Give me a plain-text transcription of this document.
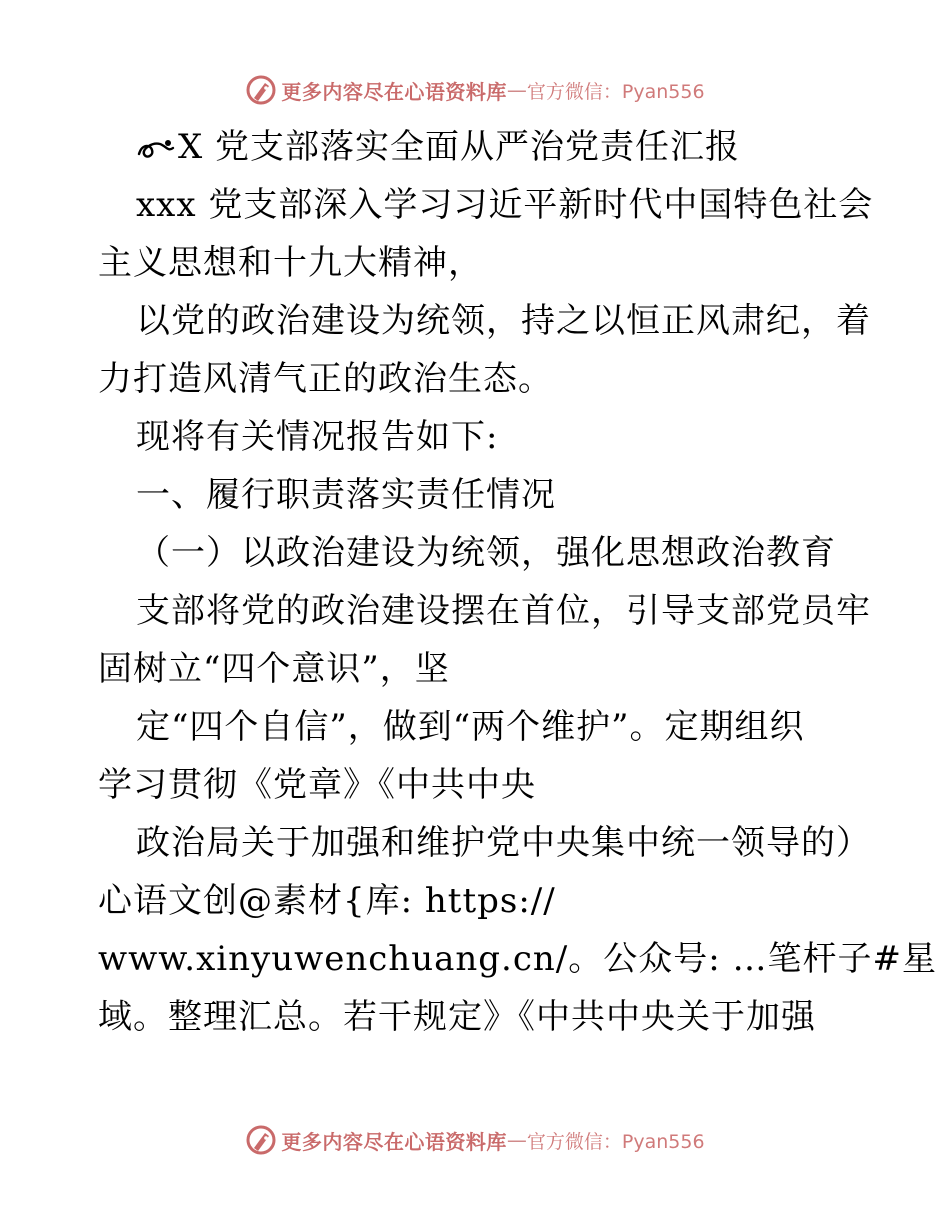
更多内容尽在心语资料库 — 官方微信：Pyan556
X 党支部落实全面从严治党责任汇报

xxx 党支部深入学习习近平新时代中国特色社会

主义思想和十九大精神，

以党的政治建设为统领，持之以恒正风肃纪，着

力打造风清气正的政治生态。

现将有关情况报告如下:

一、履行职责落实责任情况

（一）以政治建设为统领，强化思想政治教育

支部将党的政治建设摆在首位，引导支部党员牢

固树立“四个意识”，坚

定“四个自信”，做到“两个维护”。定期组织

学习贯彻《党章》《中共中央

政治局关于加强和维护党中央集中统一领导的）

心语文创@素材{库: https://

www.xinyuwenchuang.cn/。公众号: …笔杆子#星

域。整理汇总。若干规定》《中共中央关于加强

更多内容尽在心语资料库 — 官方微信：Pyan556
